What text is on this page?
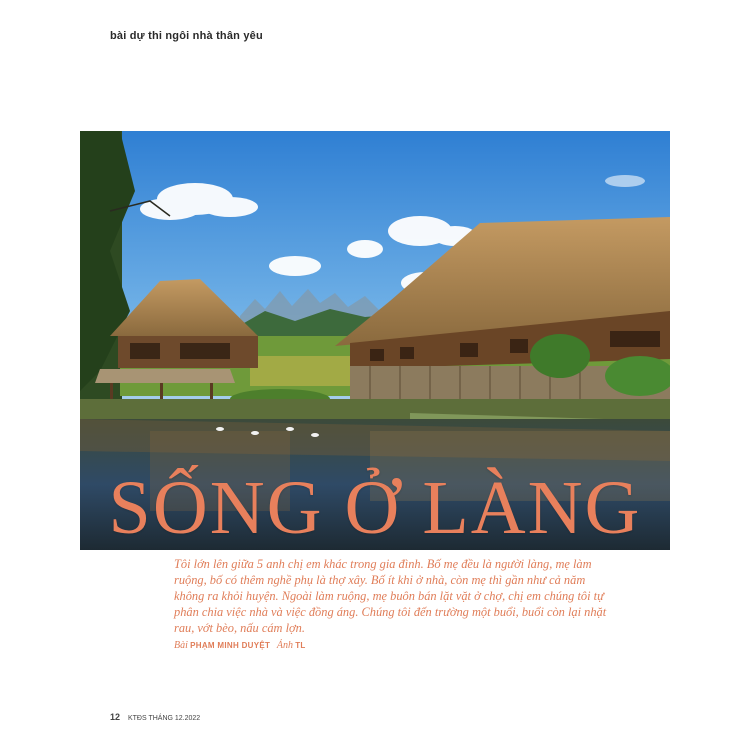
bài dự thi ngôi nhà thân yêu
SỐNG Ở LÀNG

Tôi lớn lên giữa 5 anh chị em khác trong gia đình. Bố mẹ đều là người làng, mẹ làm ruộng, bố có thêm nghề phụ là thợ xây. Bố ít khi ở nhà, còn mẹ thì gần như cả năm không ra khỏi huyện. Ngoài làm ruộng, mẹ buôn bán lặt vặt ở chợ, chị em chúng tôi tự phân chia việc nhà và việc đồng áng. Chúng tôi đến trường một buổi, buổi còn lại nhặt rau, vớt bèo, nấu cám lợn.

Bài PHẠM MINH DUYỆT Ảnh TL
12 KTĐS THÁNG 12.2022
